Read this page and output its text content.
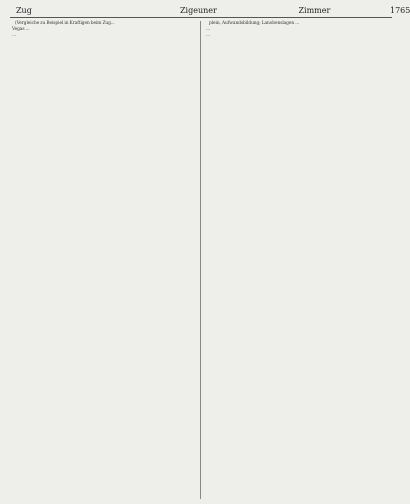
Zug	Zigeuner	Zimmer
	1765

(Vergleiche zu Beispiel in Kraftigen beim Zug...

Vegas ...

...

plein, Aufwandsbildung; Lanobenslagen ...

...

...
